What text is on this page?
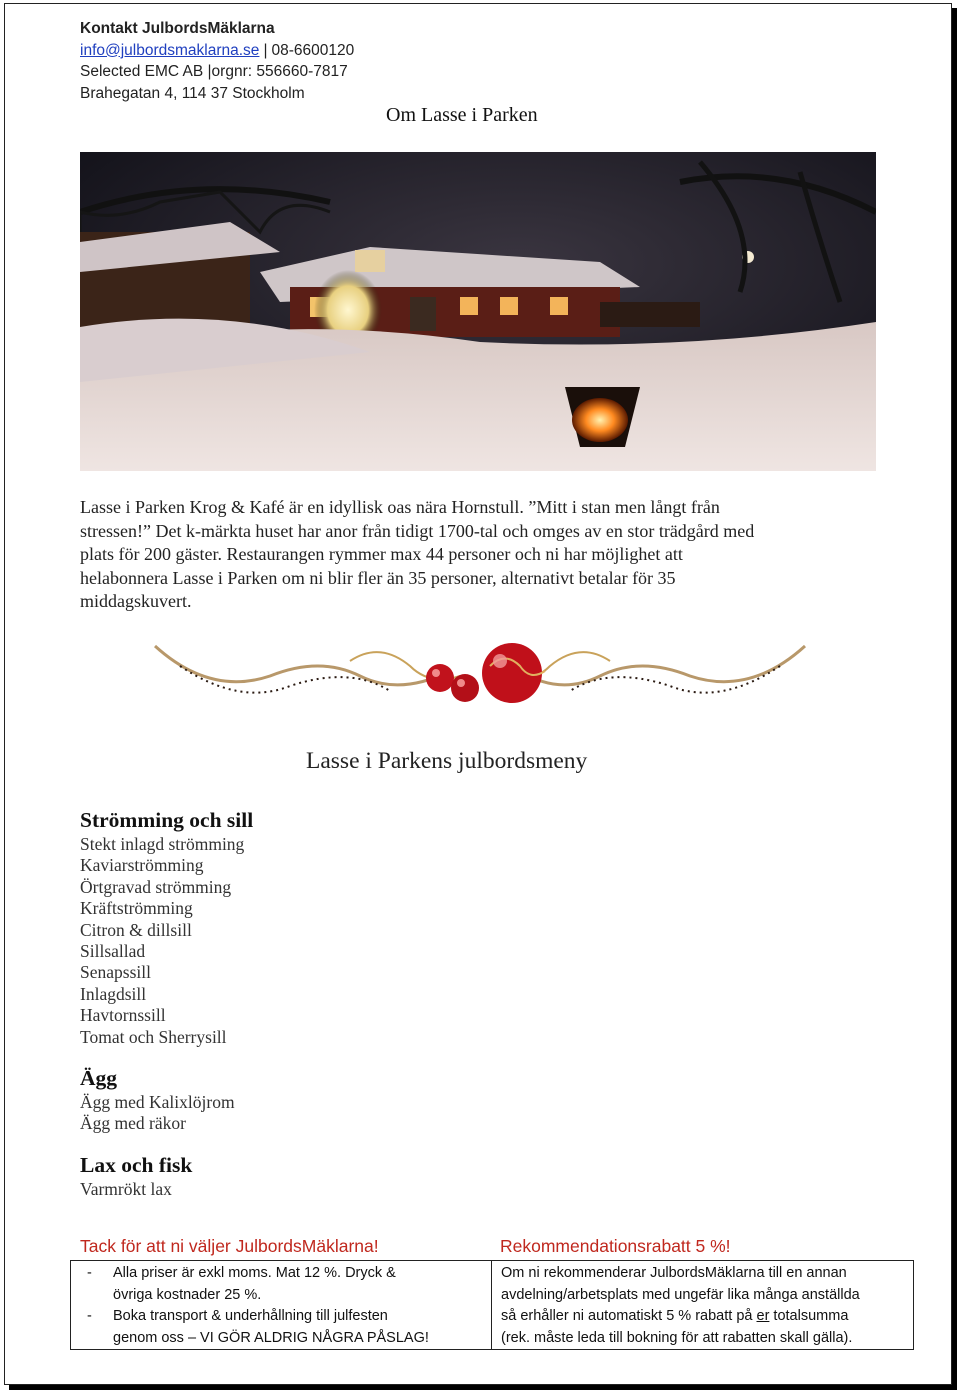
Kontakt JulbordsMäklarna
info@julbordsmaklarna.se | 08-6600120
Selected EMC AB |orgnr: 556660-7817
Brahegatan 4, 114 37 Stockholm
Om Lasse i Parken
Lasse i Parken Krog & Kafé är en idyllisk oas nära Hornstull. ”Mitt i stan men långt från
stressen!” Det k-märkta huset har anor från tidigt 1700-tal och omges av en stor trädgård med
plats för 200 gäster. Restaurangen rymmer max 44 personer och ni har möjlighet att
helabonnera Lasse i Parken om ni blir fler än 35 personer, alternativt betalar för 35
middagskuvert.
Lasse i Parkens julbordsmeny
Strömming och sill
Stekt inlagd strömming
Kaviarströmming
Örtgravad strömming
Kräftströmming
Citron & dillsill
Sillsallad
Senapssill
Inlagdsill
Havtornssill
Tomat och Sherrysill
Ägg
Ägg med Kalixlöjrom
Ägg med räkor
Lax och fisk
Varmrökt lax
Tack för att ni väljer JulbordsMäklarna!	Rekommendationsrabatt 5 %!
- Alla priser är exkl moms. Mat 12 %. Dryck &
övriga kostnader 25 %.
- Boka transport & underhållning till julfesten
genom oss – VI GÖR ALDRIG NÅGRA PÅSLAG!
Om ni rekommenderar JulbordsMäklarna till en annan
avdelning/arbetsplats med ungefär lika många anställda
så erhåller ni automatiskt 5 % rabatt på er totalsumma
(rek. måste leda till bokning för att rabatten skall gälla).
